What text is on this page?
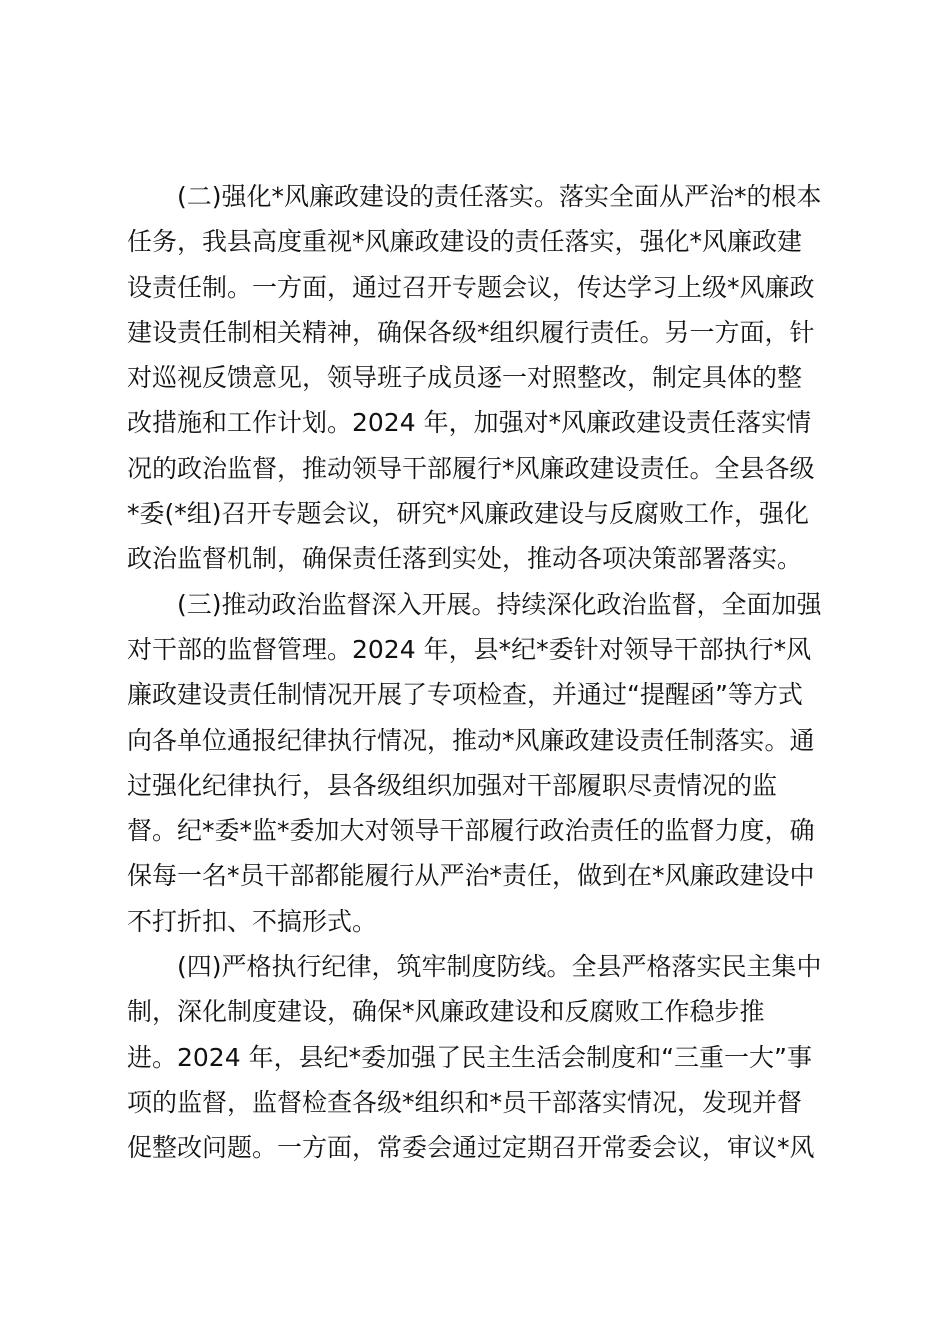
(二)强化*风廉政建设的责任落实。落实全面从严治*的根本
任务，我县高度重视*风廉政建设的责任落实，强化*风廉政建
设责任制。一方面，通过召开专题会议，传达学习上级*风廉政
建设责任制相关精神，确保各级*组织履行责任。另一方面，针
对巡视反馈意见，领导班子成员逐一对照整改，制定具体的整
改措施和工作计划。2024 年，加强对*风廉政建设责任落实情
况的政治监督，推动领导干部履行*风廉政建设责任。全县各级
*委(*组)召开专题会议，研究*风廉政建设与反腐败工作，强化
政治监督机制，确保责任落到实处，推动各项决策部署落实。
(三)推动政治监督深入开展。持续深化政治监督，全面加强
对干部的监督管理。2024 年，县*纪*委针对领导干部执行*风
廉政建设责任制情况开展了专项检查，并通过“提醒函”等方式
向各单位通报纪律执行情况，推动*风廉政建设责任制落实。通
过强化纪律执行，县各级组织加强对干部履职尽责情况的监
督。纪*委*监*委加大对领导干部履行政治责任的监督力度，确
保每一名*员干部都能履行从严治*责任，做到在*风廉政建设中
不打折扣、不搞形式。
(四)严格执行纪律，筑牢制度防线。全县严格落实民主集中
制，深化制度建设，确保*风廉政建设和反腐败工作稳步推
进。2024 年，县纪*委加强了民主生活会制度和“三重一大”事
项的监督，监督检查各级*组织和*员干部落实情况，发现并督
促整改问题。一方面，常委会通过定期召开常委会议，审议*风
